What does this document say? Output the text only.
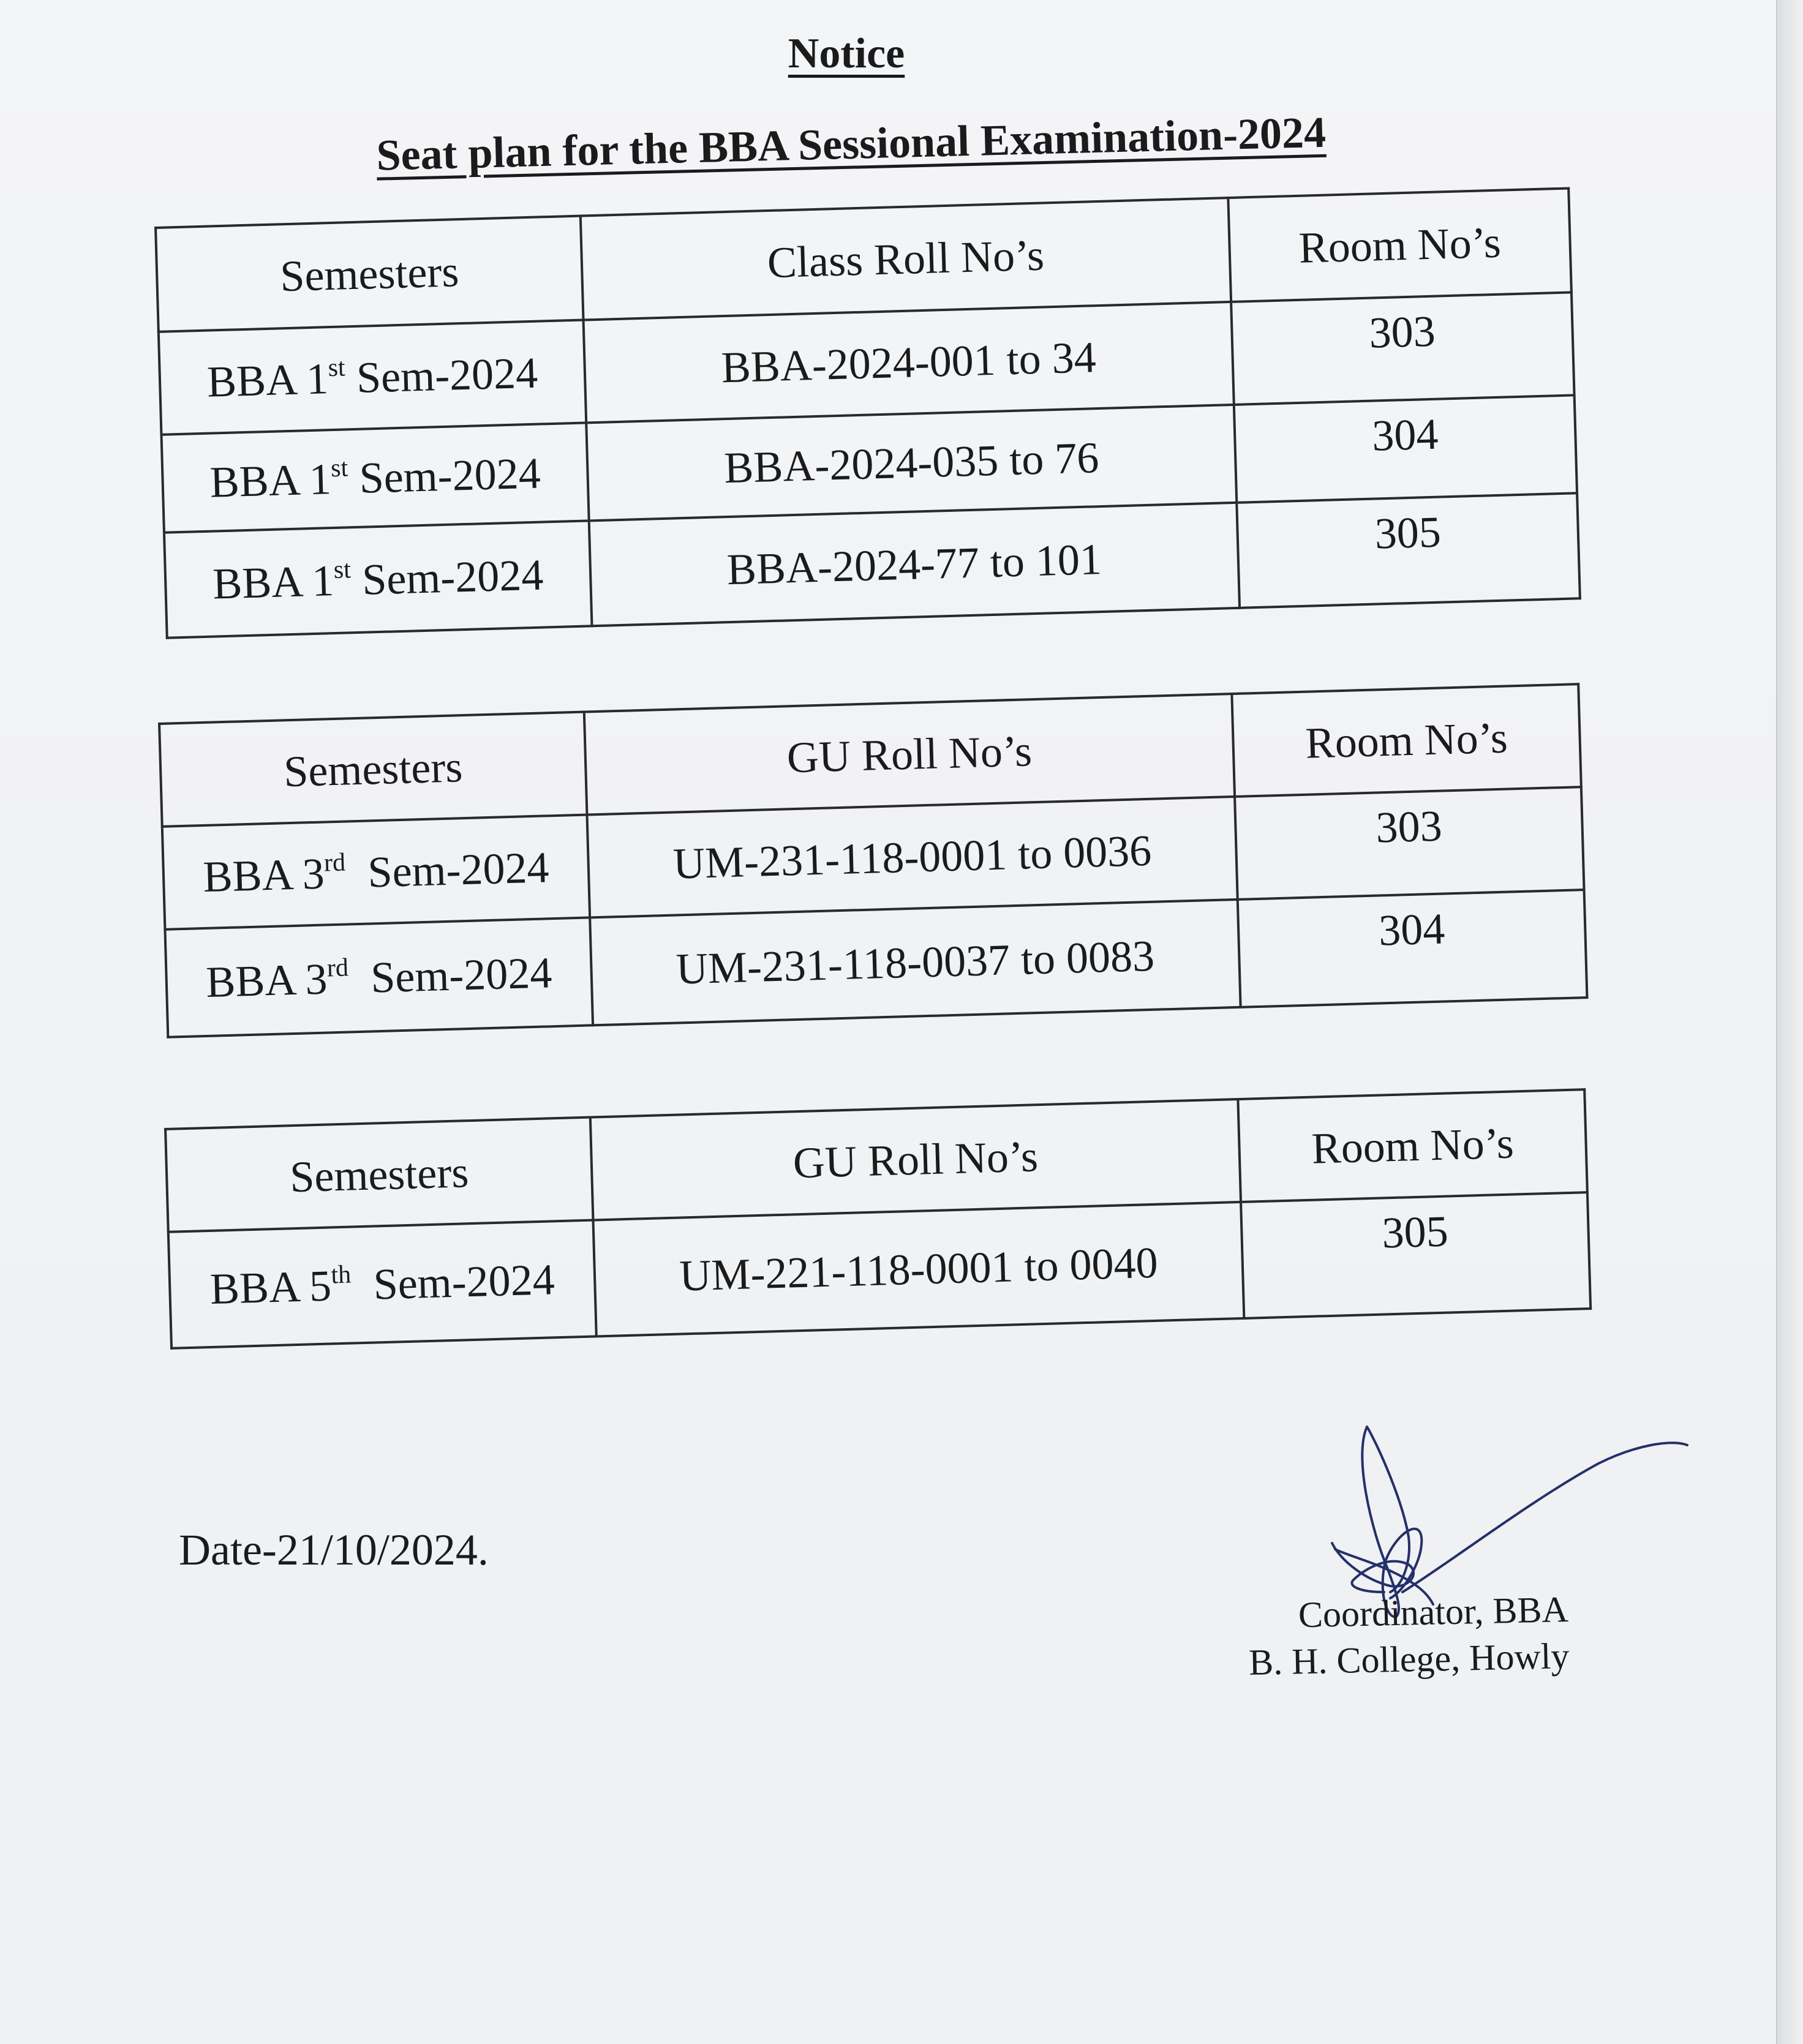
Notice
Seat plan for the BBA Sessional Examination-2024
Semesters	Class Roll No’s	Room No’s
BBA 1st Sem-2024	BBA-2024-001 to 34	303
BBA 1st Sem-2024	BBA-2024-035 to 76	304
BBA 1st Sem-2024	BBA-2024-77 to 101	305
Semesters	GU Roll No’s	Room No’s
BBA 3rd  Sem-2024	UM-231-118-0001 to 0036	303
BBA 3rd  Sem-2024	UM-231-118-0037 to 0083	304
Semesters	GU Roll No’s	Room No’s
BBA 5th  Sem-2024	UM-221-118-0001 to 0040	305
Date-21/10/2024.
Coordinator, BBA
B. H. College, Howly
